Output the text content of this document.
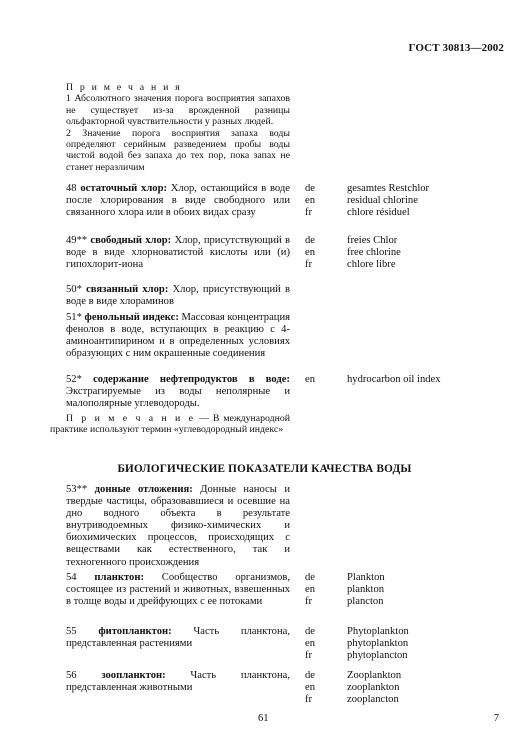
ГОСТ 30813—2002

П р и м е ч а н и я

1 Абсолютного значения порога восприятия запахов не существует из-за врожденной разницы ольфакторной чувствительности у разных людей.

2 Значение порога восприятия запаха воды определяют серийным разведением пробы воды чистой водой без запаха до тех пор, пока запах не станет неразличим

48 остаточный хлор: Хлор, остающийся в воде после хлорирования в виде свободного или связанного хлора или в обоих видах сразу
de	gesamtes Restchlor
en	residual chlorine
fr	chlore résiduel
49** свободный хлор: Хлор, присутствующий в воде в виде хлорноватистой кислоты или (и) гипохлорит-иона
de	freies Chlor
en	free chlorine
fr	chlore libre
50* связанный хлор: Хлор, присутствующий в воде в виде хлораминов
51* фенольный индекс: Массовая концентрация фенолов в воде, вступающих в реакцию с 4-аминоантипирином и в определенных условиях образующих с ним окрашенные соединения
52* содержание нефтепродуктов в воде: Экстрагируемые из воды неполярные и малополярные углеводороды.
en	hydrocarbon oil index
П р и м е ч а н и е — В международной практике используют термин «углеводородный индекс»
БИОЛОГИЧЕСКИЕ ПОКАЗАТЕЛИ КАЧЕСТВА ВОДЫ
53** донные отложения: Донные наносы и твердые частицы, образовавшиеся и осевшие на дно водного объекта в результате внутриводоемных физико-химических и биохимических процессов, происходящих с веществами как естественного, так и техногенного происхождения
54 планктон: Сообщество организмов, состоящее из растений и животных, взвешенных в толще воды и дрейфующих с ее потоками
de	Plankton
en	plankton
fr	plancton
55 фитопланктон: Часть планктона, представленная растениями
de	Phytoplankton
en	phytoplankton
fr	phytoplancton
56 зоопланктон: Часть планктона, представленная животными
de	Zooplankton
en	zooplankton
fr	zooplancton
61	7
